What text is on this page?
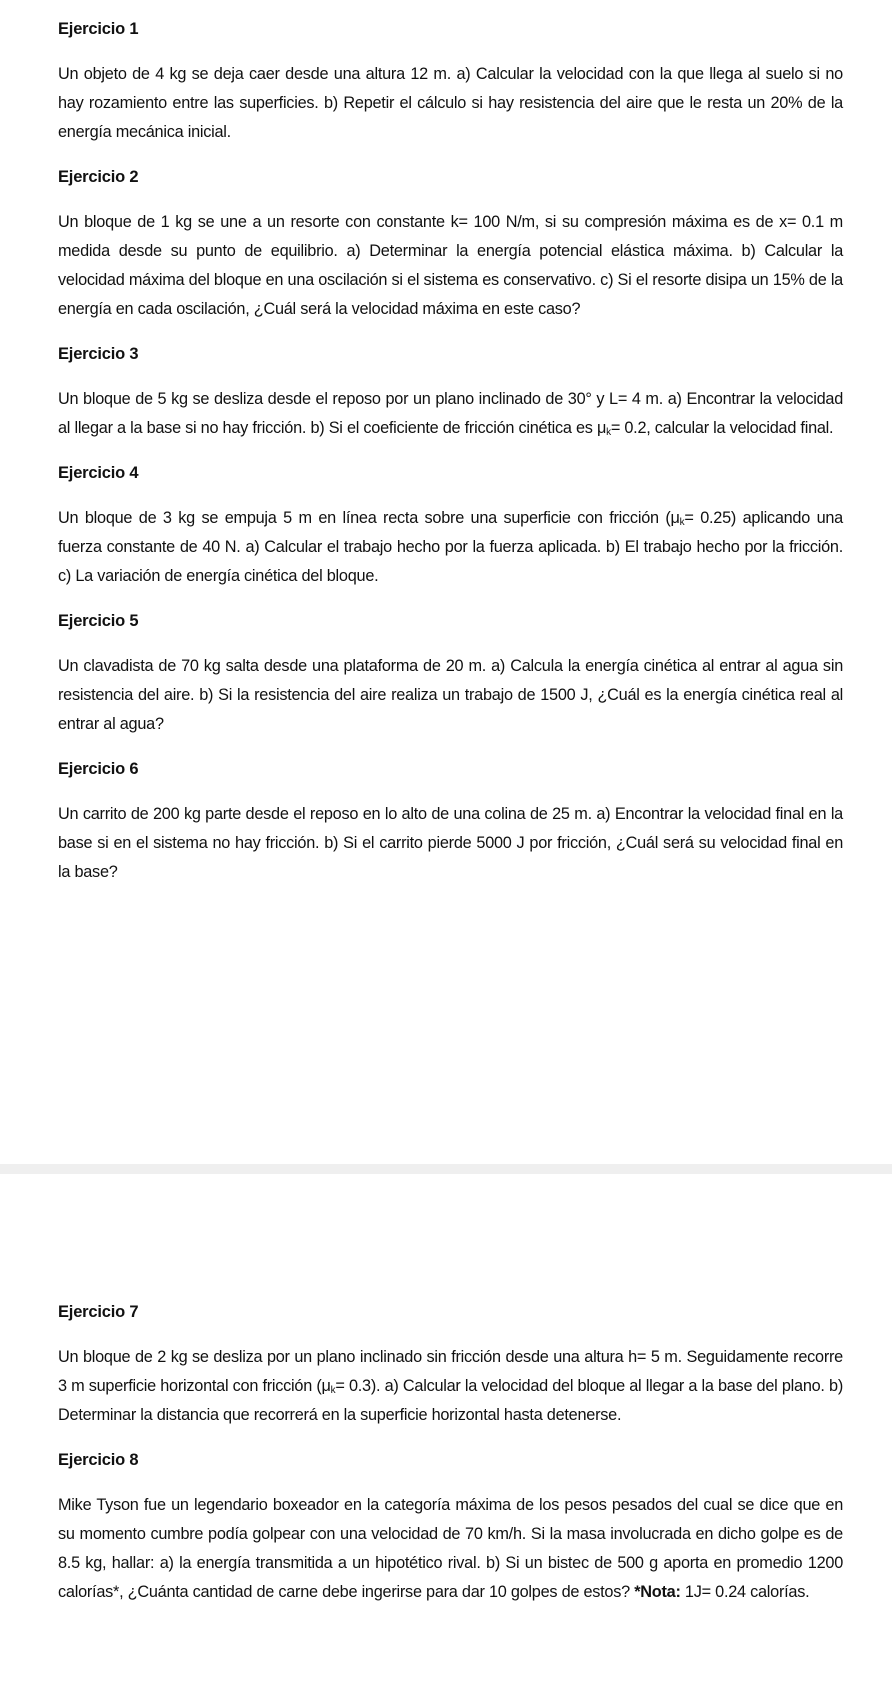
Ejercicio 1

Un objeto de 4 kg se deja caer desde una altura 12 m. a) Calcular la velocidad con la que llega al suelo si no hay rozamiento entre las superficies. b) Repetir el cálculo si hay resistencia del aire que le resta un 20% de la energía mecánica inicial.

Ejercicio 2

Un bloque de 1 kg se une a un resorte con constante k= 100 N/m, si su compresión máxima es de x= 0.1 m medida desde su punto de equilibrio. a) Determinar la energía potencial elástica máxima. b) Calcular la velocidad máxima del bloque en una oscilación si el sistema es conservativo. c) Si el resorte disipa un 15% de la energía en cada oscilación, ¿Cuál será la velocidad máxima en este caso?

Ejercicio 3

Un bloque de 5 kg se desliza desde el reposo por un plano inclinado de 30° y L= 4 m. a) Encontrar la velocidad al llegar a la base si no hay fricción. b) Si el coeficiente de fricción cinética es $\mu_k= 0.2$, calcular la velocidad final.

Ejercicio 4

Un bloque de 3 kg se empuja 5 m en línea recta sobre una superficie con fricción $(\mu_k= 0.25)$ aplicando una fuerza constante de 40 N. a) Calcular el trabajo hecho por la fuerza aplicada. b) El trabajo hecho por la fricción. c) La variación de energía cinética del bloque.

Ejercicio 5

Un clavadista de 70 kg salta desde una plataforma de 20 m. a) Calcula la energía cinética al entrar al agua sin resistencia del aire. b) Si la resistencia del aire realiza un trabajo de 1500 J, ¿Cuál es la energía cinética real al entrar al agua?

Ejercicio 6

Un carrito de 200 kg parte desde el reposo en lo alto de una colina de 25 m. a) Encontrar la velocidad final en la base si en el sistema no hay fricción. b) Si el carrito pierde 5000 J por fricción, ¿Cuál será su velocidad final en la base?

Ejercicio 7

Un bloque de 2 kg se desliza por un plano inclinado sin fricción desde una altura h= 5 m. Seguidamente recorre 3 m superficie horizontal con fricción $(\mu_k= 0.3)$. a) Calcular la velocidad del bloque al llegar a la base del plano. b) Determinar la distancia que recorrerá en la superficie horizontal hasta detenerse.

Ejercicio 8

Mike Tyson fue un legendario boxeador en la categoría máxima de los pesos pesados del cual se dice que en su momento cumbre podía golpear con una velocidad de 70 km/h. Si la masa involucrada en dicho golpe es de 8.5 kg, hallar: a) la energía transmitida a un hipotético rival. b) Si un bistec de 500 g aporta en promedio 1200 calorías*, ¿Cuánta cantidad de carne debe ingerirse para dar 10 golpes de estos? *Nota: 1J= 0.24 calorías.
